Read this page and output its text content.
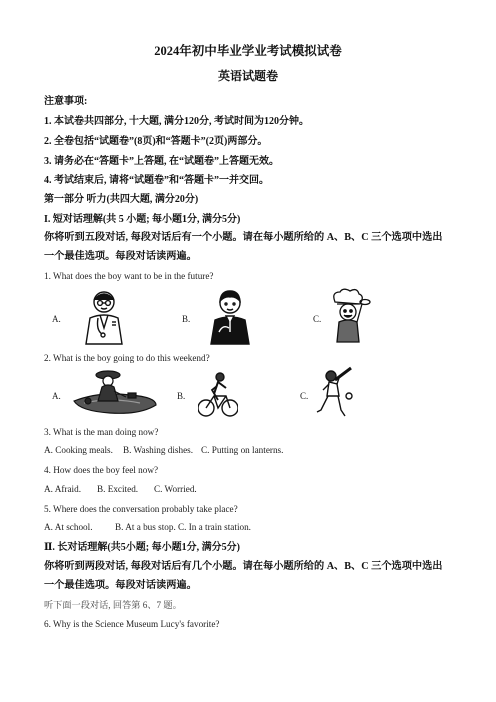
2024年初中毕业学业考试模拟试卷
英语试题卷
注意事项:
1. 本试卷共四部分, 十大题, 满分120分, 考试时间为120分钟。
2. 全卷包括“试题卷”(8页)和“答题卡”(2页)两部分。
3. 请务必在“答题卡”上答题, 在“试题卷”上答题无效。
4. 考试结束后, 请将“试题卷”和“答题卡”一并交回。
第一部分 听力(共四大题, 满分20分)
I. 短对话理解(共 5 小题; 每小题1分, 满分5分)
你将听到五段对话, 每段对话后有一个小题。请在每小题所给的 A、B、C 三个选项中选出
一个最佳选项。每段对话读两遍。
1. What does the boy want to be in the future?
A.	B.	C.
2. What is the boy going to do this weekend?
A.	B.	C.
3. What is the man doing now?
A. Cooking meals. B. Washing dishes. C. Putting on lanterns.
4. How does the boy feel now?
A. Afraid. B. Excited. C. Worried.
5. Where does the conversation probably take place?
A. At school. B. At a bus stop. C. In a train station.
Ⅱ. 长对话理解(共5小题; 每小题1分, 满分5分)
你将听到两段对话, 每段对话后有几个小题。请在每小题所给的 A、B、C 三个选项中选出
一个最佳选项。每段对话读两遍。
听下面一段对话, 回答第 6、7 题。
6. Why is the Science Museum Lucy's favorite?
